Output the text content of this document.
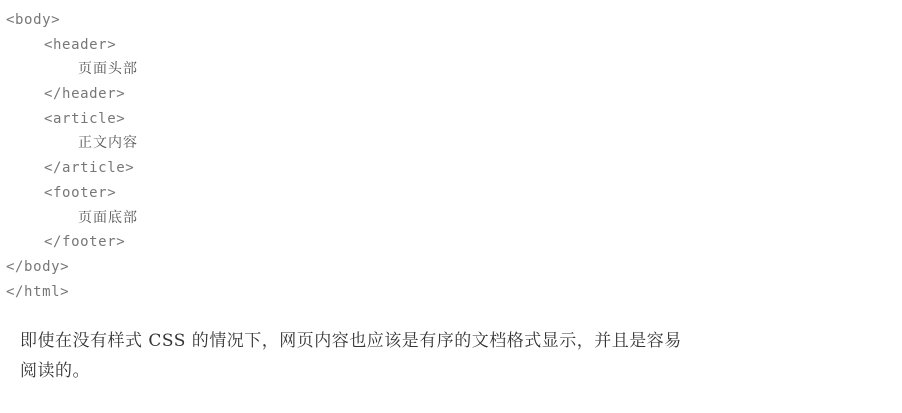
<body>
<header>
页面头部
</header>
<article>
正文内容
</article>
<footer>
页面底部
</footer>
</body>
</html>
即使在没有样式 CSS 的情况下，网页内容也应该是有序的文档格式显示，并且是容易
阅读的。
